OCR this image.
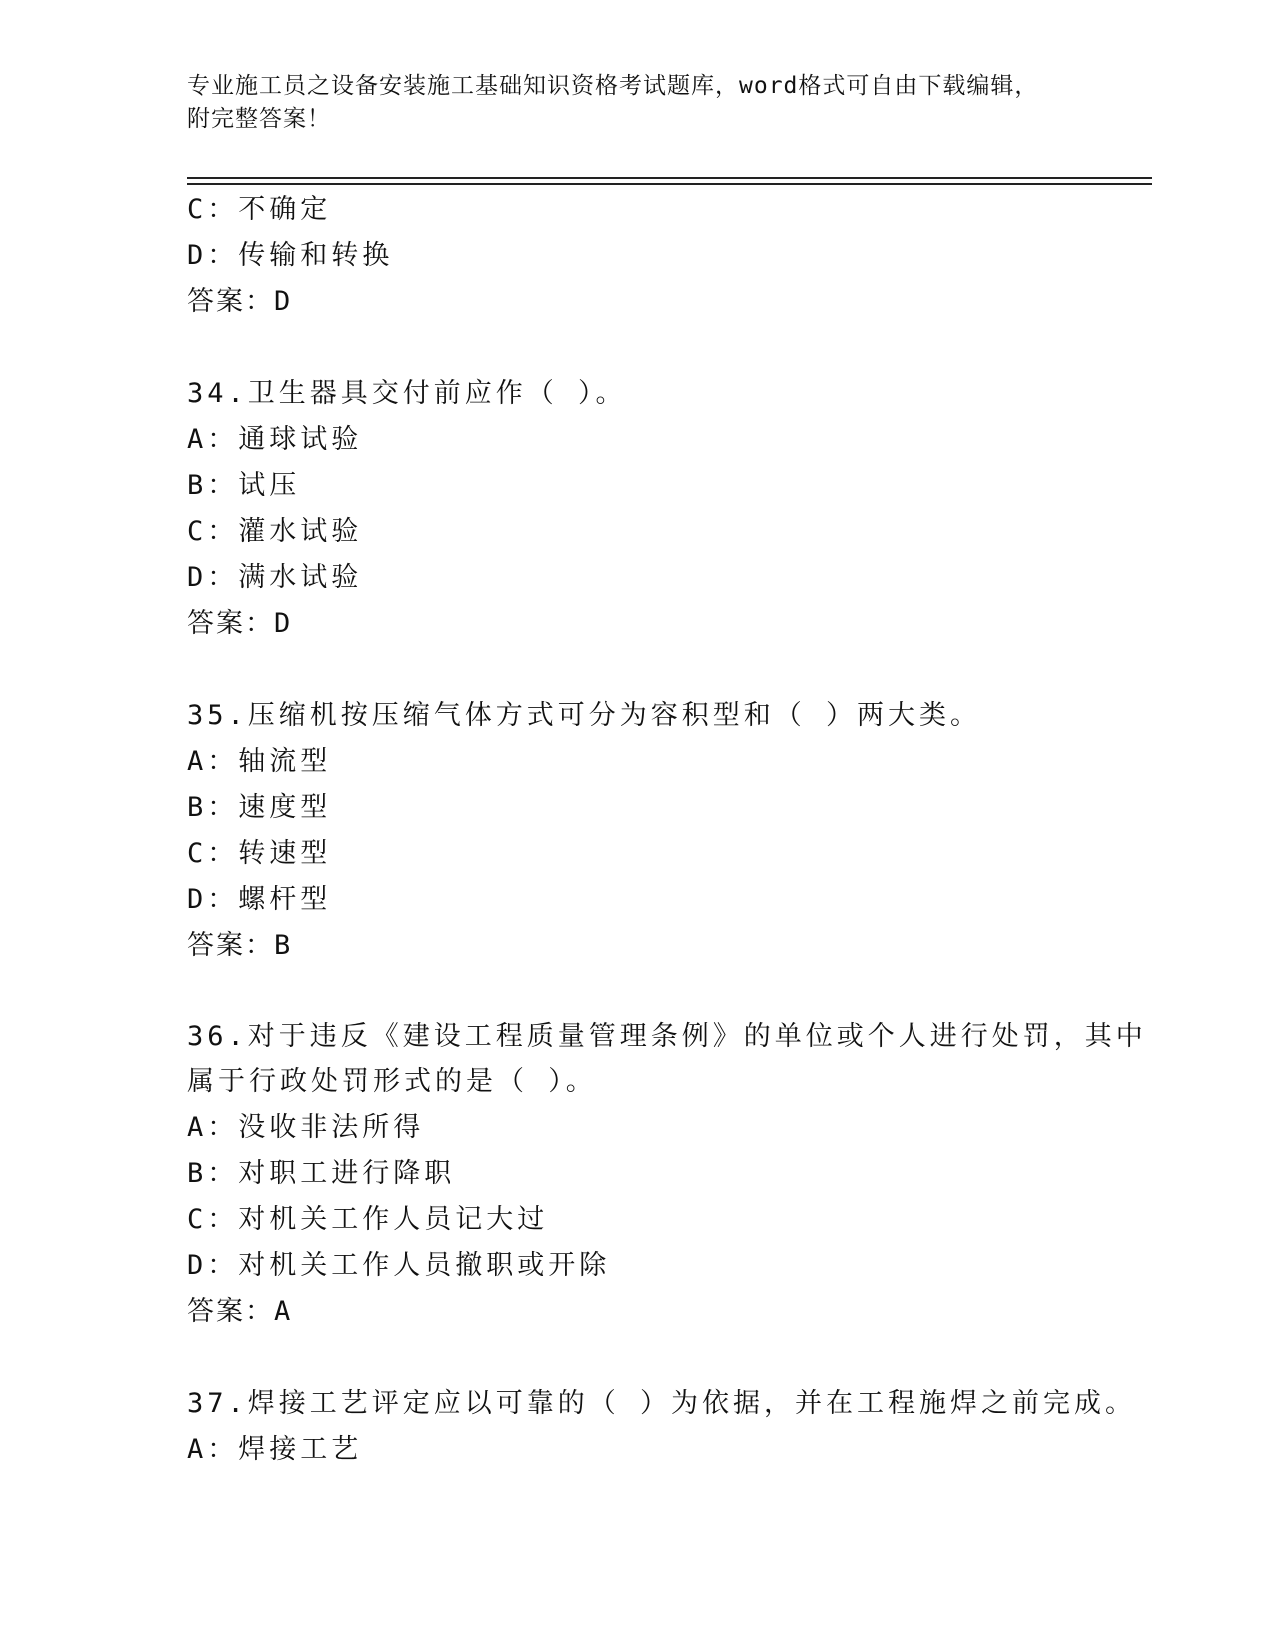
专业施工员之设备安装施工基础知识资格考试题库，word格式可自由下载编辑，
附完整答案！
C：不确定
D：传输和转换
答案：D
34.卫生器具交付前应作（ ）。
A：通球试验
B：试压
C：灌水试验
D：满水试验
答案：D
35.压缩机按压缩气体方式可分为容积型和（ ）两大类。
A：轴流型
B：速度型
C：转速型
D：螺杆型
答案：B
36.对于违反《建设工程质量管理条例》的单位或个人进行处罚，其中
属于行政处罚形式的是（ ）。
A：没收非法所得
B：对职工进行降职
C：对机关工作人员记大过
D：对机关工作人员撤职或开除
答案：A
37.焊接工艺评定应以可靠的（ ）为依据，并在工程施焊之前完成。
A：焊接工艺
